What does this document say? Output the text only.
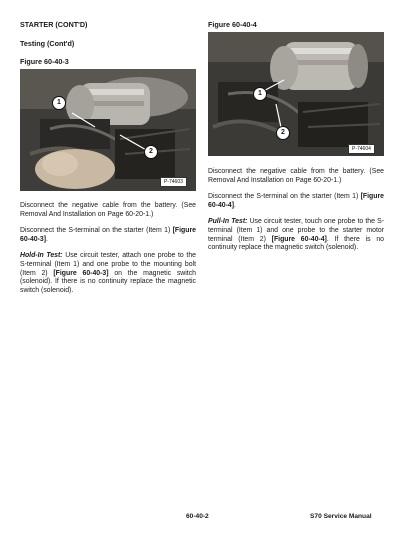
STARTER (CONT'D)
Testing (Cont'd)
Figure 60-40-3
Figure 60-40-4
1
2
P-74603
1
2
P-74604

Disconnect the negative cable from the battery. (See Removal And Installation on Page 60-20-1.)

Disconnect the S-terminal on the starter (Item 1) [Figure 60-40-3].

Hold-In Test: Use circuit tester, attach one probe to the S-terminal (Item 1) and one probe to the mounting bolt (Item 2) [Figure 60-40-3] on the magnetic switch (solenoid). If there is no continuity replace the magnetic switch (solenoid).

Disconnect the negative cable from the battery. (See Removal And Installation on Page 60-20-1.)

Disconnect the S-terminal on the starter (Item 1) [Figure 60-40-4].

Pull-In Test: Use circuit tester, touch one probe to the S-terminal (Item 1) and one probe to the starter motor terminal (Item 2) [Figure 60-40-4]. If there is no continuity replace the magnetic switch (solenoid).

60-40-2	S70 Service Manual
